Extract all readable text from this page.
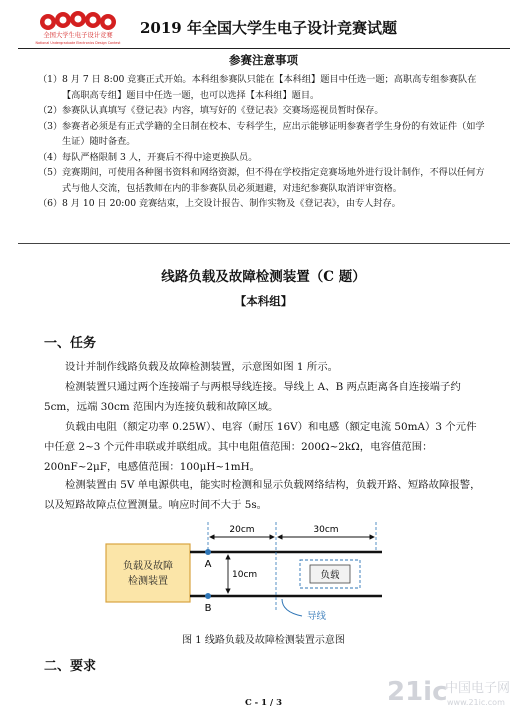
全国大学生电子设计竞赛
National Undergraduate Electronics Design Contest
2019 年全国大学生电子设计竞赛试题
参赛注意事项
（1） 8 月 7 日 8:00 竞赛正式开始。本科组参赛队只能在【本科组】题目中任选一题；高职高专组参赛队在【高职高专组】题目中任选一题，也可以选择【本科组】题目。
（2） 参赛队认真填写《登记表》内容，填写好的《登记表》交赛场巡视员暂时保存。
（3） 参赛者必须是有正式学籍的全日制在校本、专科学生，应出示能够证明参赛者学生身份的有效证件（如学生证）随时备查。
（4） 每队严格限制 3 人，开赛后不得中途更换队员。
（5） 竞赛期间，可使用各种图书资料和网络资源，但不得在学校指定竞赛场地外进行设计制作，不得以任何方式与他人交流，包括教师在内的非参赛队员必须迴避，对违纪参赛队取消评审资格。
（6） 8 月 10 日 20:00 竞赛结束，上交设计报告、制作实物及《登记表》，由专人封存。
线路负载及故障检测装置（C 题）
【本科组】
一、任务
设计并制作线路负载及故障检测装置，示意图如图 1 所示。
检测装置只通过两个连接端子与两根导线连接。导线上 A、B 两点距离各自连接端子约 5cm，远端 30cm 范围内为连接负载和故障区域。
负载由电阻（额定功率 0.25W）、电容（耐压 16V）和电感（额定电流 50mA）3 个元件中任意 2~3 个元件串联或并联组成。其中电阻值范围：200Ω~2kΩ，电容值范围：200nF~2μF，电感值范围：100μH~1mH。
检测装置由 5V 单电源供电，能实时检测和显示负载网络结构，负载开路、短路故障报警，以及短路故障点位置测量。响应时间不大于 5s。
负载及故障
检测装置
A
B
20cm	30cm
10cm	负载
导线
图 1 线路负载及故障检测装置示意图
二、要求
C - 1 / 3	21ic
中国电子网
www.21ic.com
